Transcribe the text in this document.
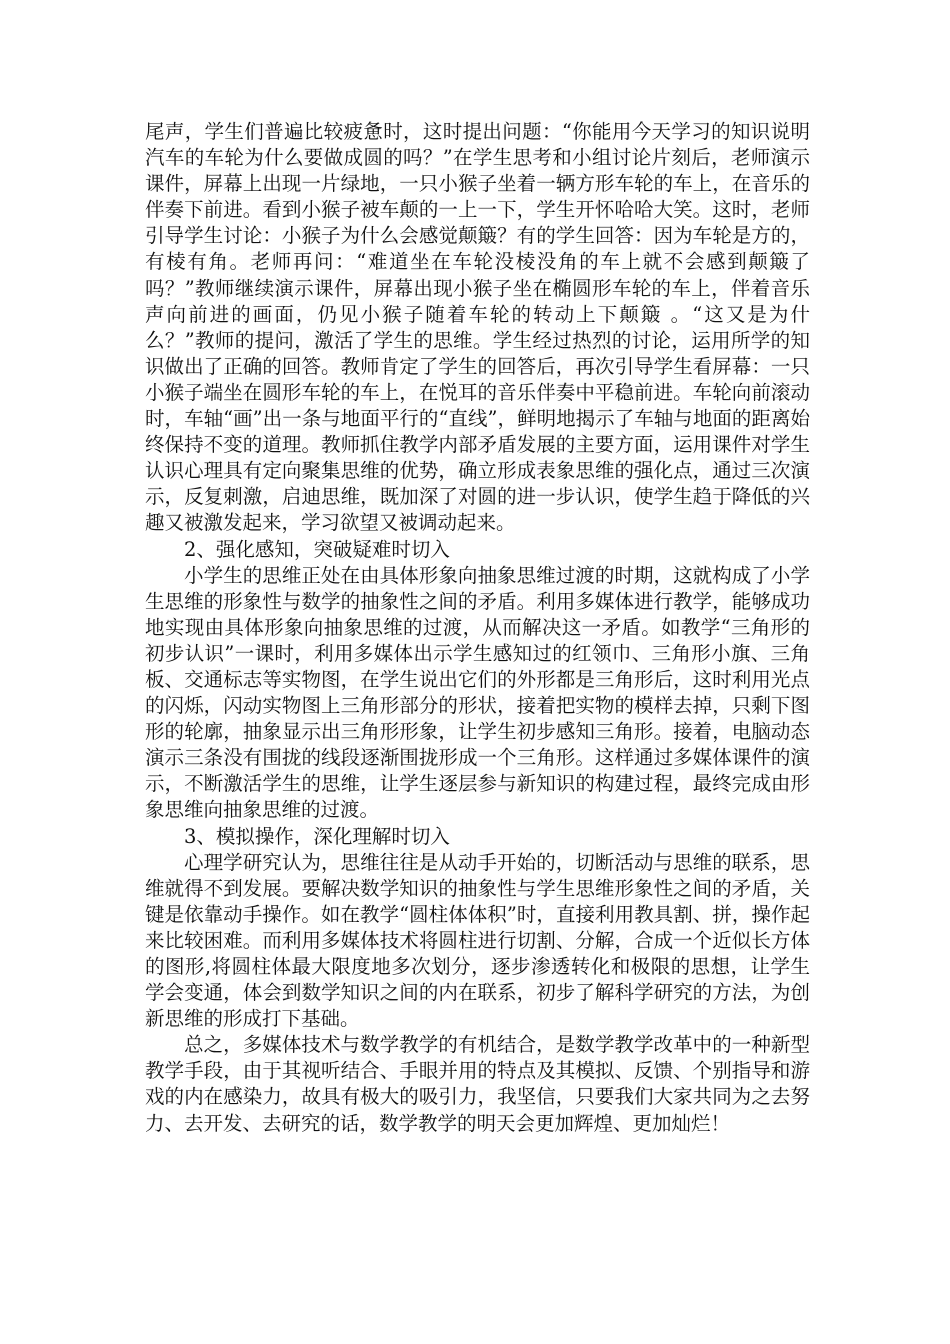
尾声，学生们普遍比较疲惫时，这时提出问题：“你能用今天学习的知识说明汽车的车轮为什么要做成圆的吗？”在学生思考和小组讨论片刻后，老师演示课件，屏幕上出现一片绿地，一只小猴子坐着一辆方形车轮的车上，在音乐的伴奏下前进。看到小猴子被车颠的一上一下，学生开怀哈哈大笑。这时，老师引导学生讨论：小猴子为什么会感觉颠簸？有的学生回答：因为车轮是方的，有棱有角。老师再问：“难道坐在车轮没棱没角的车上就不会感到颠簸了吗？”教师继续演示课件，屏幕出现小猴子坐在椭圆形车轮的车上，伴着音乐声向前进的画面，仍见小猴子随着车轮的转动上下颠簸 。“这又是为什么？”教师的提问，激活了学生的思维。学生经过热烈的讨论，运用所学的知识做出了正确的回答。教师肯定了学生的回答后，再次引导学生看屏幕：一只小猴子端坐在圆形车轮的车上，在悦耳的音乐伴奏中平稳前进。车轮向前滚动时，车轴“画”出一条与地面平行的“直线”，鲜明地揭示了车轴与地面的距离始终保持不变的道理。教师抓住教学内部矛盾发展的主要方面，运用课件对学生认识心理具有定向聚集思维的优势，确立形成表象思维的强化点，通过三次演示，反复刺激，启迪思维，既加深了对圆的进一步认识，使学生趋于降低的兴趣又被激发起来，学习欲望又被调动起来。

2、强化感知，突破疑难时切入

小学生的思维正处在由具体形象向抽象思维过渡的时期，这就构成了小学生思维的形象性与数学的抽象性之间的矛盾。利用多媒体进行教学，能够成功地实现由具体形象向抽象思维的过渡，从而解决这一矛盾。如教学“三角形的初步认识”一课时，利用多媒体出示学生感知过的红领巾、三角形小旗、三角板、交通标志等实物图，在学生说出它们的外形都是三角形后，这时利用光点的闪烁，闪动实物图上三角形部分的形状，接着把实物的模样去掉，只剩下图形的轮廓，抽象显示出三角形形象，让学生初步感知三角形。接着，电脑动态演示三条没有围拢的线段逐渐围拢形成一个三角形。这样通过多媒体课件的演示，不断激活学生的思维，让学生逐层参与新知识的构建过程，最终完成由形象思维向抽象思维的过渡。

3、模拟操作，深化理解时切入

心理学研究认为，思维往往是从动手开始的，切断活动与思维的联系，思维就得不到发展。要解决数学知识的抽象性与学生思维形象性之间的矛盾，关键是依靠动手操作。如在教学“圆柱体体积”时，直接利用教具割、拼，操作起来比较困难。而利用多媒体技术将圆柱进行切割、分解，合成一个近似长方体的图形,将圆柱体最大限度地多次划分，逐步渗透转化和极限的思想，让学生学会变通，体会到数学知识之间的内在联系，初步了解科学研究的方法，为创新思维的形成打下基础。

总之，多媒体技术与数学教学的有机结合，是数学教学改革中的一种新型教学手段，由于其视听结合、手眼并用的特点及其模拟、反馈、个别指导和游戏的内在感染力，故具有极大的吸引力，我坚信，只要我们大家共同为之去努力、去开发、去研究的话，数学教学的明天会更加辉煌、更加灿烂！
